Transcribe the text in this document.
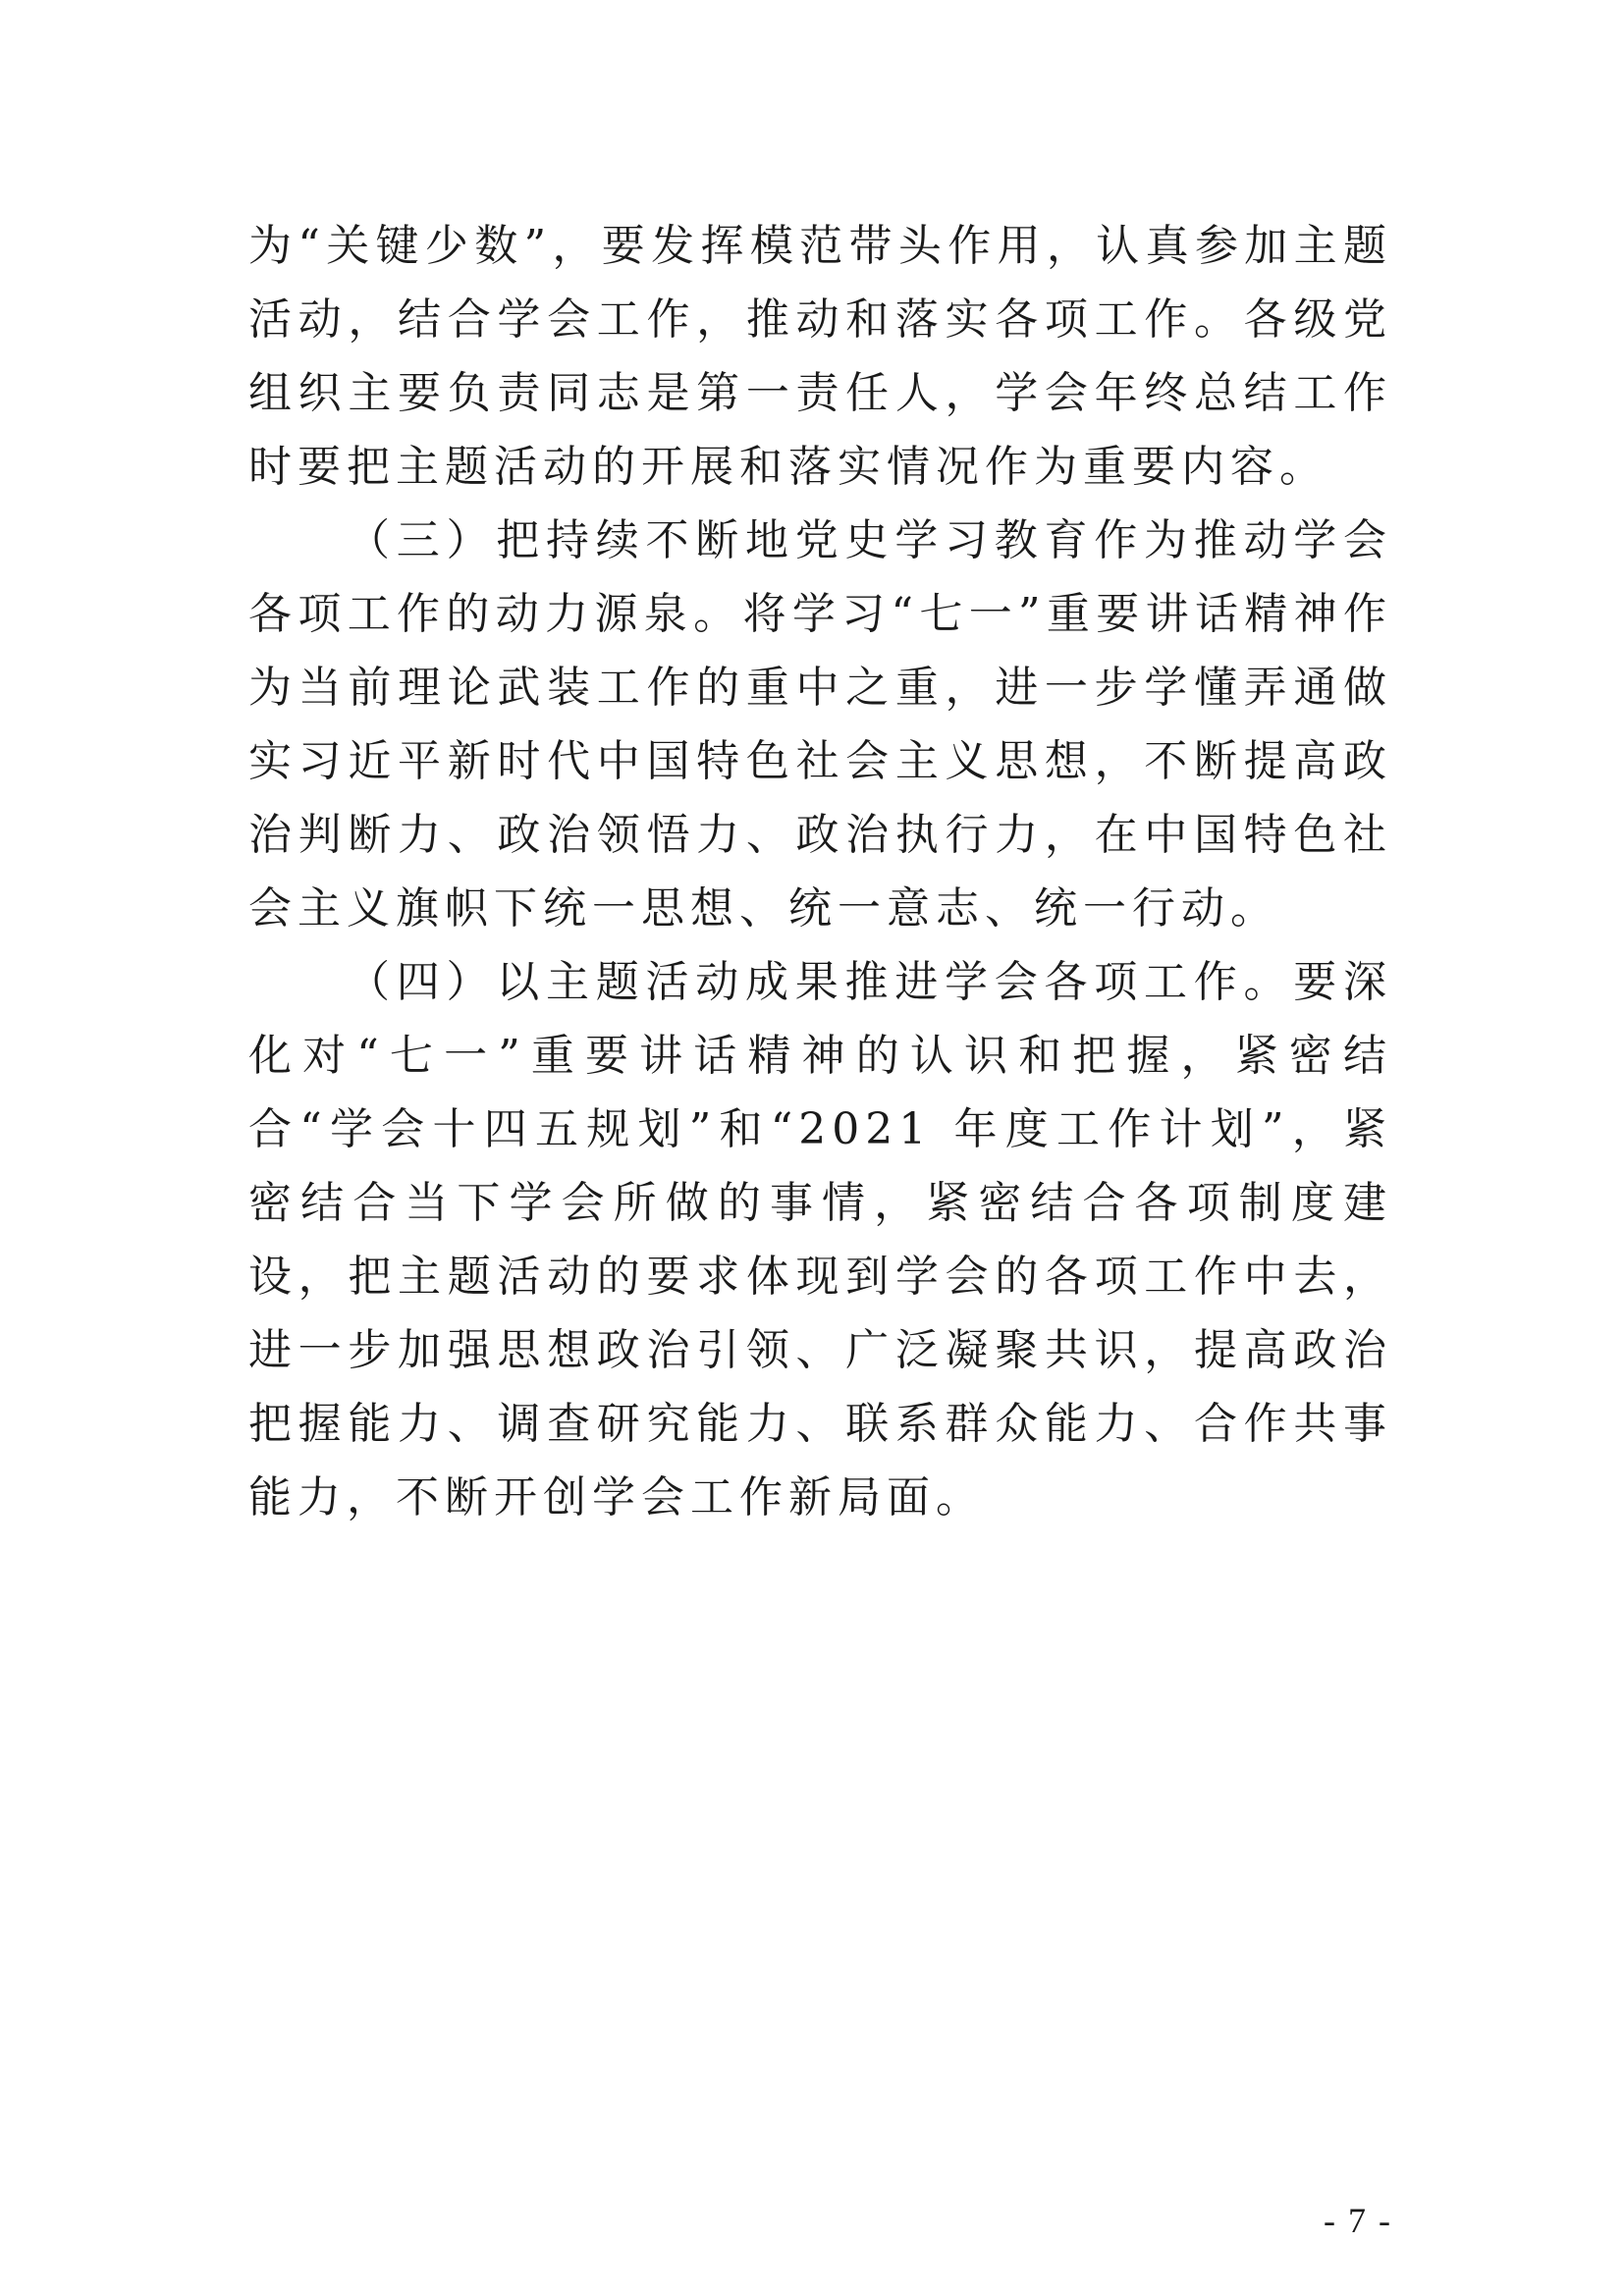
为“关键少数”，要发挥模范带头作用，认真参加主题活动，结合学会工作，推动和落实各项工作。各级党组织主要负责同志是第一责任人，学会年终总结工作时要把主题活动的开展和落实情况作为重要内容。

（三）把持续不断地党史学习教育作为推动学会各项工作的动力源泉。将学习“七一”重要讲话精神作为当前理论武装工作的重中之重，进一步学懂弄通做实习近平新时代中国特色社会主义思想，不断提高政治判断力、政治领悟力、政治执行力，在中国特色社会主义旗帜下统一思想、统一意志、统一行动。

（四）以主题活动成果推进学会各项工作。要深化对“七一”重要讲话精神的认识和把握，紧密结合“学会十四五规划”和“2021 年度工作计划”，紧密结合当下学会所做的事情，紧密结合各项制度建设，把主题活动的要求体现到学会的各项工作中去，进一步加强思想政治引领、广泛凝聚共识，提高政治把握能力、调查研究能力、联系群众能力、合作共事能力，不断开创学会工作新局面。

- 7 -
